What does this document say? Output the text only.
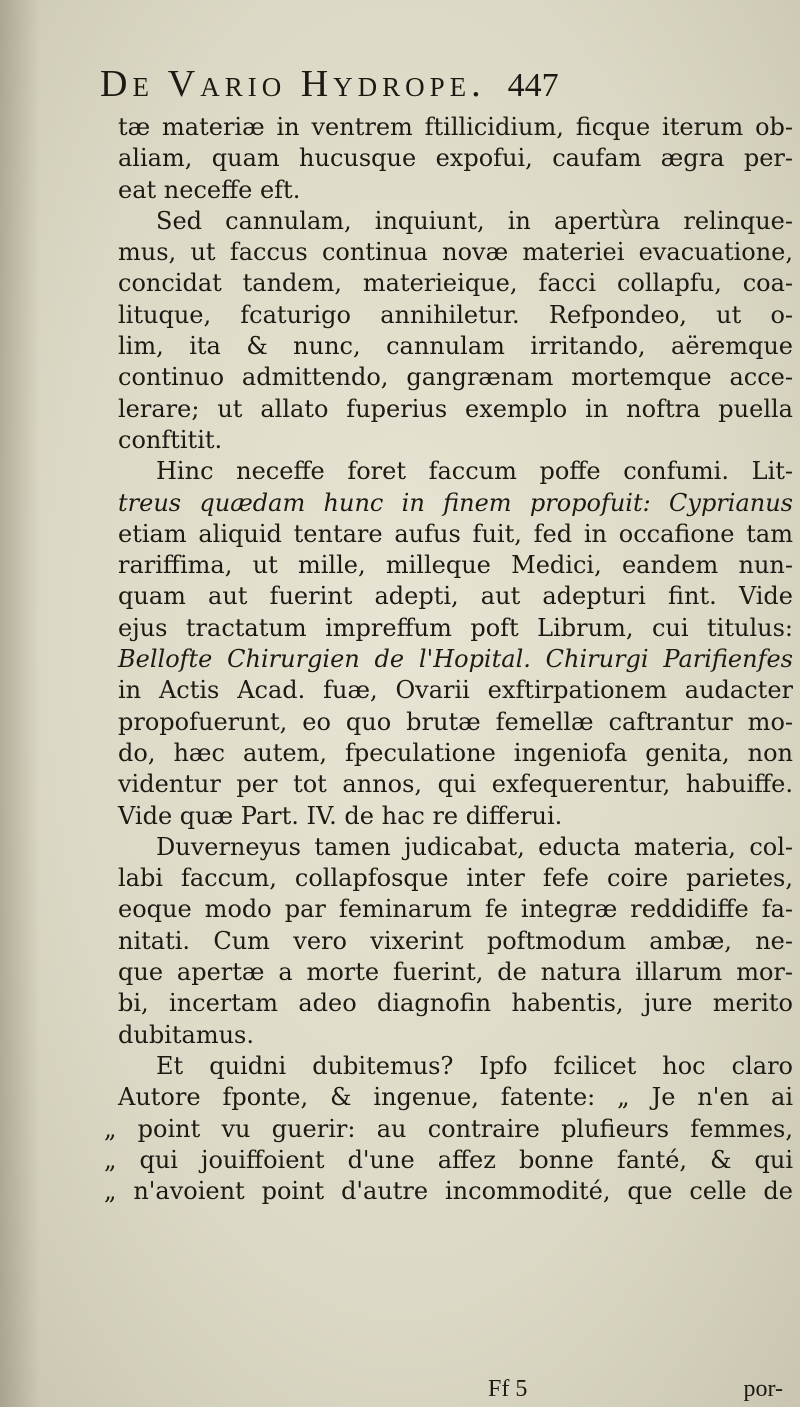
De Vario Hydrope. 447
tæ materiæ in ventrem ftillicidium, ficque iterum ob-
aliam, quam hucusque expofui, caufam ægra per-
eat neceffe eft.
Sed cannulam, inquiunt, in apertùra relinque-
mus, ut faccus continua novæ materiei evacuatione,
concidat tandem, materieique, facci collapfu, coa-
lituque, fcaturigo annihiletur. Refpondeo, ut o-
lim, ita & nunc, cannulam irritando, aëremque
continuo admittendo, gangrænam mortemque acce-
lerare; ut allato fuperius exemplo in noftra puella
conftitit.
Hinc neceffe foret faccum poffe confumi. Lit-
treus quædam hunc in finem propofuit: Cyprianus
etiam aliquid tentare aufus fuit, fed in occafione tam
rariffima, ut mille, milleque Medici, eandem nun-
quam aut fuerint adepti, aut adepturi fint. Vide
ejus tractatum impreffum poft Librum, cui titulus:
Bellofte Chirurgien de l'Hopital. Chirurgi Parifienfes
in Actis Acad. fuæ, Ovarii exftirpationem audacter
propofuerunt, eo quo brutæ femellæ caftrantur mo-
do, hæc autem, fpeculatione ingeniofa genita, non
videntur per tot annos, qui exfequerentur, habuiffe.
Vide quæ Part. IV. de hac re differui.
Duverneyus tamen judicabat, educta materia, col-
labi faccum, collapfosque inter fefe coire parietes,
eoque modo par feminarum fe integræ reddidiffe fa-
nitati. Cum vero vixerint poftmodum ambæ, ne-
que apertæ a morte fuerint, de natura illarum mor-
bi, incertam adeo diagnofin habentis, jure merito
dubitamus.
Et quidni dubitemus? Ipfo fcilicet hoc claro
Autore fponte, & ingenue, fatente: „ Je n'en ai
„ point vu guerir: au contraire plufieurs femmes,
„ qui jouiffoient d'une affez bonne fanté, & qui
„ n'avoient point d'autre incommodité, que celle de
Ff 5	por-
